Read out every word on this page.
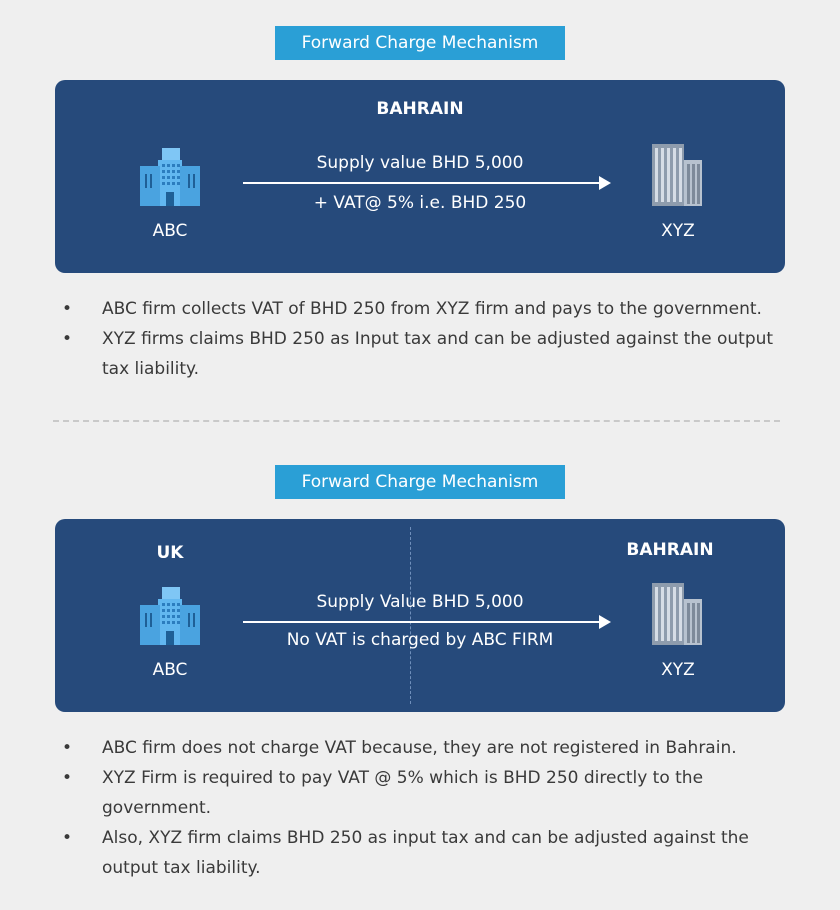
Forward Charge Mechanism
BAHRAIN
ABC
Supply value BHD 5,000
+ VAT@ 5% i.e. BHD 250
XYZ
• ABC firm collects VAT of BHD 250 from XYZ firm and pays to the government.
• XYZ firms claims BHD 250 as Input tax and can be adjusted against the output tax liability.
Forward Charge Mechanism
UK	BAHRAIN
ABC
Supply Value BHD 5,000
No VAT is charged by ABC FIRM
XYZ
• ABC firm does not charge VAT because, they are not registered in Bahrain.
• XYZ Firm is required to pay VAT @ 5% which is BHD 250 directly to the government.
• Also, XYZ firm claims BHD 250 as input tax and can be adjusted against the output tax liability.
